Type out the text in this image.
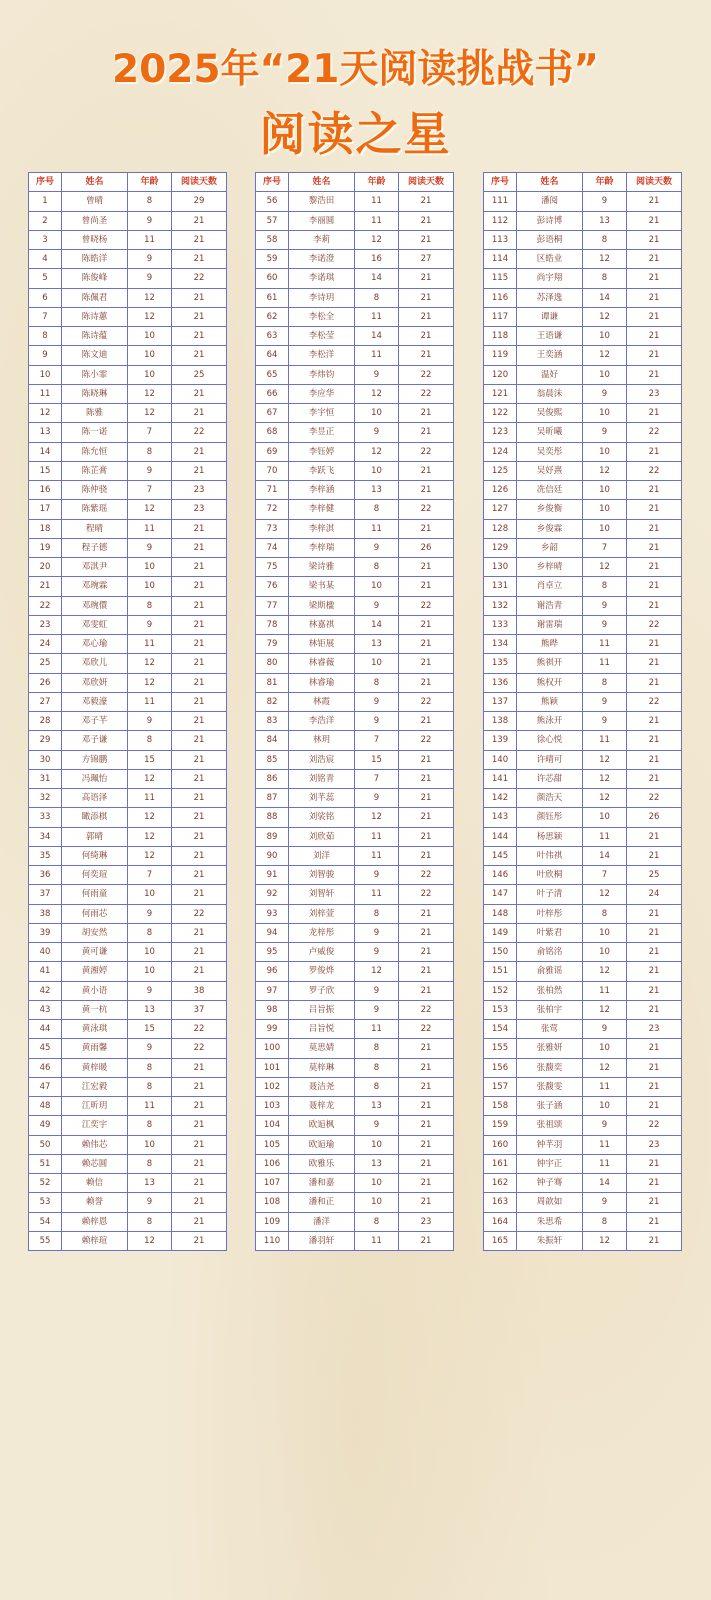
2025年“21天阅读挑战书”
阅读之星
序号	姓名	年龄	阅读天数
1	曾晴	8	29
2	曾尚圣	9	21
3	曾晓杨	11	21
4	陈皓洋	9	21
5	陈俊峰	9	22
6	陈佩君	12	21
7	陈诗蕙	12	21
8	陈诗蕴	10	21
9	陈文迪	10	21
10	陈小霏	10	25
11	陈晓琳	12	21
12	陈雅	12	21
13	陈一诺	7	22
14	陈允恒	8	21
15	陈芷膏	9	21
16	陈仲骁	7	23
17	陈紫瑶	12	23
18	程晴	11	21
19	程子德	9	21
20	邓淇尹	10	21
21	邓琬霖	10	21
22	邓琬儇	8	21
23	邓雯虹	9	21
24	邓心瑜	11	21
25	邓欣儿	12	21
26	邓欣妍	12	21
27	邓毅濠	11	21
28	邓子芊	9	21
29	邓子谦	8	21
30	方锦鹏	15	21
31	冯珮怡	12	21
32	高语泽	11	21
33	瞰添棋	12	21
34	郭晴	12	21
35	何绮琳	12	21
36	何奕瑄	7	21
37	何雨童	10	21
38	何雨芯	9	22
39	胡安然	8	21
40	黄可谦	10	21
41	黄湘婷	10	21
42	黄小语	9	38
43	黄一杭	13	37
44	黄泳琪	15	22
45	黄雨馨	9	22
46	黄梓暖	8	21
47	江宏毅	8	21
48	江昕玥	11	21
49	江奕宇	8	21
50	赖伟芯	10	21
51	赖芯圆	8	21
52	赖信	13	21
53	赖誉	9	21
54	赖梓恩	8	21
55	赖梓瑄	12	21
序号	姓名	年龄	阅读天数
56	黎浩田	11	21
57	李丽圆	11	21
58	李莉	12	21
59	李诺澄	16	27
60	李诺琪	14	21
61	李诗玥	8	21
62	李松全	11	21
63	李松莹	14	21
64	李松洋	11	21
65	李炜钧	9	22
66	李应华	12	22
67	李宇恒	10	21
68	李昱正	9	21
69	李钰婷	12	22
70	李跃飞	10	21
71	李梓涵	13	21
72	李梓健	8	22
73	李梓淇	11	21
74	李梓瑞	9	26
75	梁诗雅	8	21
76	梁书某	10	21
77	梁斯楹	9	22
78	林嘉祺	14	21
79	林钜展	13	21
80	林睿薇	10	21
81	林睿瑜	8	21
82	林霞	9	22
83	李浩洋	9	21
84	林玥	7	22
85	刘浩宸	15	21
86	刘铭青	7	21
87	刘芊蕊	9	21
88	刘裟铭	12	21
89	刘欣茹	11	21
90	刘洋	11	21
91	刘智骏	9	22
92	刘智轩	11	22
93	刘梓萱	8	21
94	龙梓彤	9	21
95	卢威俊	9	21
96	罗俊烨	12	21
97	罗子欣	9	21
98	吕旨振	9	22
99	吕旨悦	11	22
100	莫思婧	8	21
101	莫梓琳	8	21
102	聂洁尧	8	21
103	聂梓龙	13	21
104	欧逅枫	9	21
105	欧逅瑜	10	21
106	欧雅乐	13	21
107	潘和嘉	10	21
108	潘和正	10	21
109	潘洋	8	23
110	潘羽轩	11	21
序号	姓名	年龄	阅读天数
111	潘阅	9	21
112	彭诗博	13	21
113	彭语桐	8	21
114	区皓业	12	21
115	尚宇翔	8	21
116	苏泽逸	14	21
117	谭谦	12	21
118	王语谦	10	21
119	王奕涵	12	21
120	温好	10	21
121	翁晨沫	9	23
122	吴俊熙	10	21
123	吴昕曦	9	22
124	吴奕彤	10	21
125	吴妤熹	12	22
126	冼信廷	10	21
127	乡俊衡	10	21
128	乡俊霖	10	21
129	乡韶	7	21
130	乡梓晴	12	21
131	肖卓立	8	21
132	谢浩青	9	21
133	谢雷瑞	9	22
134	熊晔	11	21
135	熊祺开	11	21
136	熊权开	8	21
137	熊颖	9	22
138	熊泳开	9	21
139	徐心悦	11	21
140	许晴可	12	21
141	许芯甜	12	21
142	颜浩天	12	22
143	颜钰彤	10	26
144	杨思颖	11	21
145	叶伟祺	14	21
146	叶欣桐	7	25
147	叶子清	12	24
148	叶梓彤	8	21
149	叶紫君	10	21
150	俞铭洺	10	21
151	俞雅谣	12	21
152	张柏然	11	21
153	张柏宇	12	21
154	张莺	9	23
155	张雅妍	10	21
156	张馥奕	12	21
157	张馥雯	11	21
158	张子涵	10	21
159	张祖颂	9	22
160	钟芊羽	11	23
161	钟宇正	11	21
162	钟子骞	14	21
163	周歆如	9	21
164	朱思希	8	21
165	朱振轩	12	21
